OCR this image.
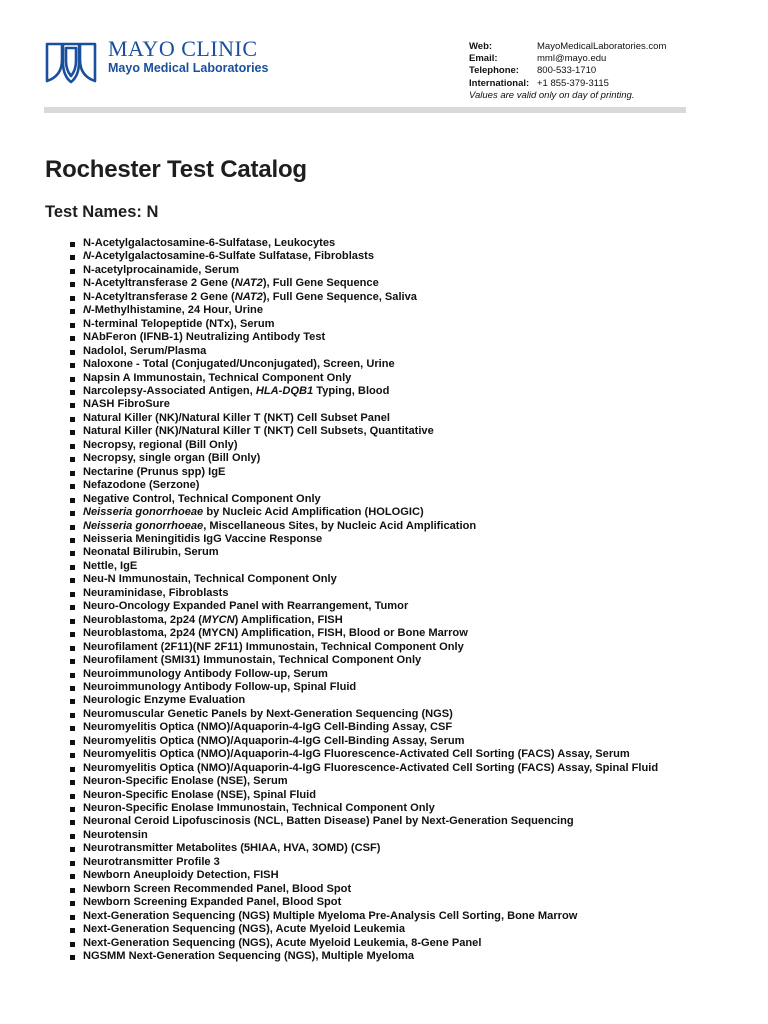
MAYO CLINIC
Mayo Medical Laboratories
Web:	MayoMedicalLaboratories.com
Email:	mml@mayo.edu
Telephone:	800-533-1710
International: +1 855-379-3115
Values are valid only on day of printing.
Rochester Test Catalog
Test Names: N
N-Acetylgalactosamine-6-Sulfatase, Leukocytes
N-Acetylgalactosamine-6-Sulfate Sulfatase, Fibroblasts
N-acetylprocainamide, Serum
N-Acetyltransferase 2 Gene (NAT2), Full Gene Sequence
N-Acetyltransferase 2 Gene (NAT2), Full Gene Sequence, Saliva
N-Methylhistamine, 24 Hour, Urine
N-terminal Telopeptide (NTx), Serum
NAbFeron (IFNB-1) Neutralizing Antibody Test
Nadolol, Serum/Plasma
Naloxone - Total (Conjugated/Unconjugated), Screen, Urine
Napsin A Immunostain, Technical Component Only
Narcolepsy-Associated Antigen, HLA-DQB1 Typing, Blood
NASH FibroSure
Natural Killer (NK)/Natural Killer T (NKT) Cell Subset Panel
Natural Killer (NK)/Natural Killer T (NKT) Cell Subsets, Quantitative
Necropsy, regional (Bill Only)
Necropsy, single organ (Bill Only)
Nectarine (Prunus spp) IgE
Nefazodone (Serzone)
Negative Control, Technical Component Only
Neisseria gonorrhoeae by Nucleic Acid Amplification (HOLOGIC)
Neisseria gonorrhoeae, Miscellaneous Sites, by Nucleic Acid Amplification
Neisseria Meningitidis IgG Vaccine Response
Neonatal Bilirubin, Serum
Nettle, IgE
Neu-N Immunostain, Technical Component Only
Neuraminidase, Fibroblasts
Neuro-Oncology Expanded Panel with Rearrangement, Tumor
Neuroblastoma, 2p24 (MYCN) Amplification, FISH
Neuroblastoma, 2p24 (MYCN) Amplification, FISH, Blood or Bone Marrow
Neurofilament (2F11)(NF 2F11) Immunostain, Technical Component Only
Neurofilament (SMI31) Immunostain, Technical Component Only
Neuroimmunology Antibody Follow-up, Serum
Neuroimmunology Antibody Follow-up, Spinal Fluid
Neurologic Enzyme Evaluation
Neuromuscular Genetic Panels by Next-Generation Sequencing (NGS)
Neuromyelitis Optica (NMO)/Aquaporin-4-IgG Cell-Binding Assay, CSF
Neuromyelitis Optica (NMO)/Aquaporin-4-IgG Cell-Binding Assay, Serum
Neuromyelitis Optica (NMO)/Aquaporin-4-IgG Fluorescence-Activated Cell Sorting (FACS) Assay, Serum
Neuromyelitis Optica (NMO)/Aquaporin-4-IgG Fluorescence-Activated Cell Sorting (FACS) Assay, Spinal Fluid
Neuron-Specific Enolase (NSE), Serum
Neuron-Specific Enolase (NSE), Spinal Fluid
Neuron-Specific Enolase Immunostain, Technical Component Only
Neuronal Ceroid Lipofuscinosis (NCL, Batten Disease) Panel by Next-Generation Sequencing
Neurotensin
Neurotransmitter Metabolites (5HIAA, HVA, 3OMD) (CSF)
Neurotransmitter Profile 3
Newborn Aneuploidy Detection, FISH
Newborn Screen Recommended Panel, Blood Spot
Newborn Screening Expanded Panel, Blood Spot
Next-Generation Sequencing (NGS) Multiple Myeloma Pre-Analysis Cell Sorting, Bone Marrow
Next-Generation Sequencing (NGS), Acute Myeloid Leukemia
Next-Generation Sequencing (NGS), Acute Myeloid Leukemia, 8-Gene Panel
NGSMM Next-Generation Sequencing (NGS), Multiple Myeloma
